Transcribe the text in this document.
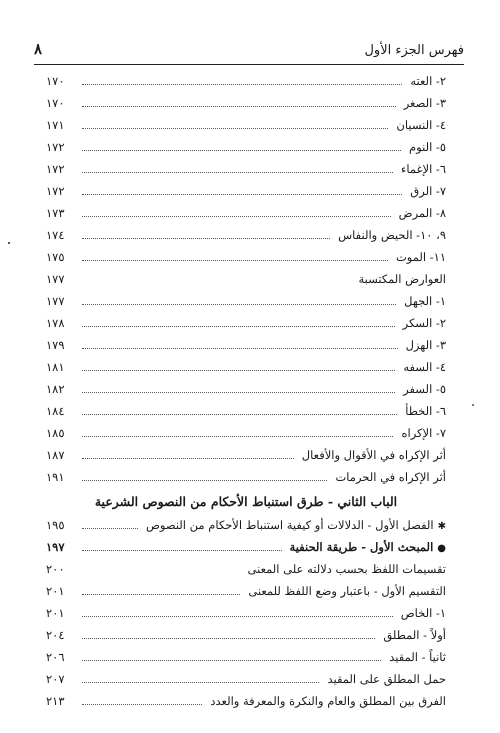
فهرس الجزء الأول
٨
٢- العته
١٧٠
٣- الصغر
١٧٠
٤- النسيان
١٧١
٥- النوم
١٧٢
٦- الإغماء
١٧٢
٧- الرق
١٧٢
٨- المرض
١٧٣
٩، ١٠- الحيض والنفاس
١٧٤
١١- الموت
١٧٥
العوارض المكتسبة
١٧٧
١- الجهل
١٧٧
٢- السكر
١٧٨
٣- الهزل
١٧٩
٤- السفه
١٨١
٥- السفر
١٨٢
٦- الخطأ
١٨٤
٧- الإكراه
١٨٥
أثر الإكراه في الأقوال والأفعال
١٨٧
أثر الإكراه في الحرمات
١٩١
الباب الثاني - طرق استنباط الأحكام من النصوص الشرعية
✱الفصل الأول - الدلالات أو كيفية استنباط الأحكام من النصوص
١٩٥
●المبحث الأول - طريقة الحنفية
١٩٧
تقسيمات اللفظ بحسب دلالته على المعنى
٢٠٠
التقسيم الأول - باعتبار وضع اللفظ للمعنى
٢٠١
١- الخاص
٢٠١
أولاً - المطلق
٢٠٤
ثانياً - المقيد
٢٠٦
حمل المطلق على المقيد
٢٠٧
الفرق بين المطلق والعام والنكرة والمعرفة والعدد
٢١٣
